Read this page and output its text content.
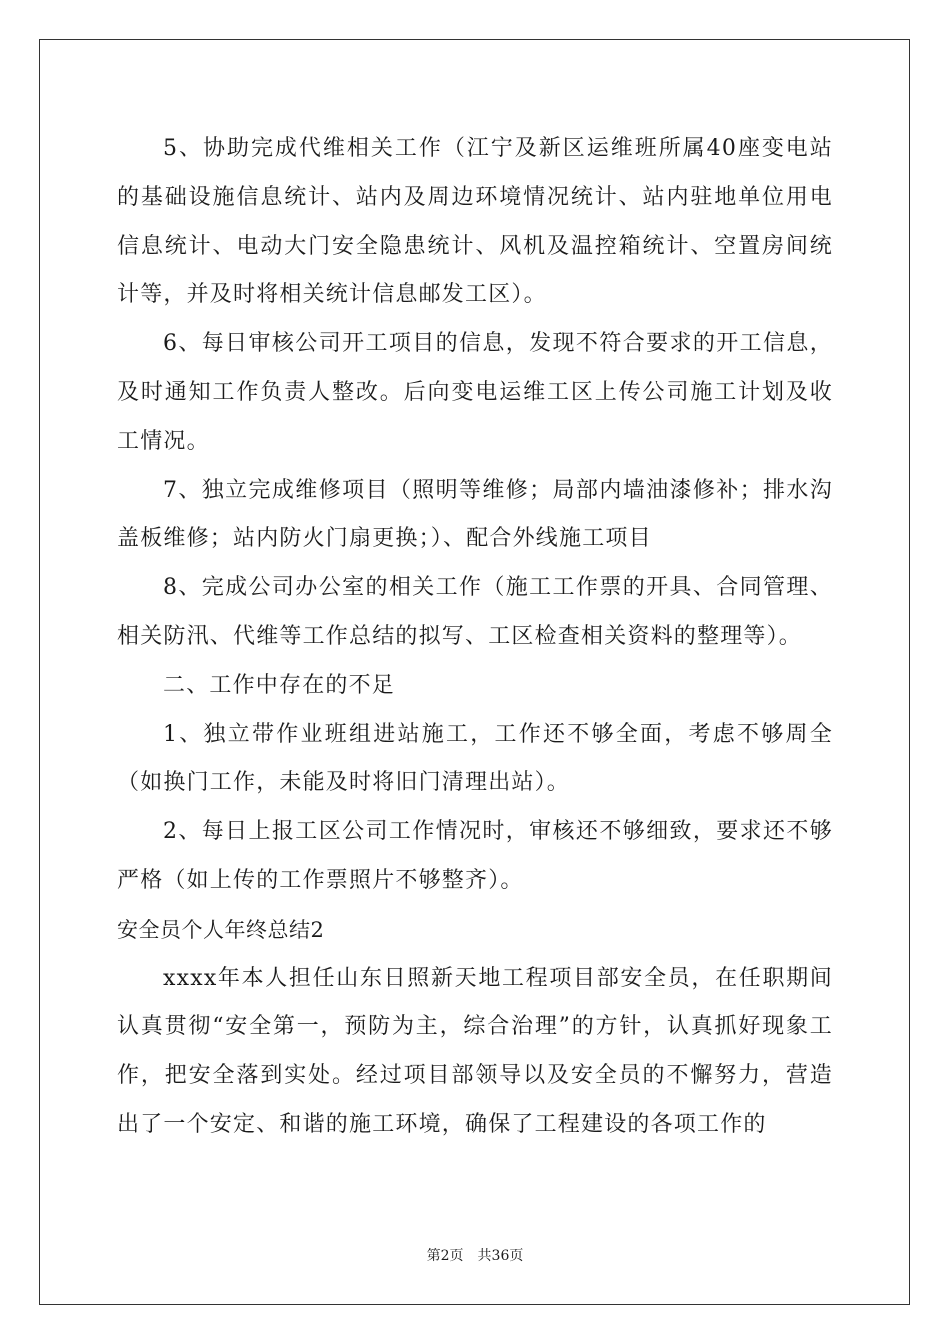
5、协助完成代维相关工作（江宁及新区运维班所属40座变电站的基础设施信息统计、站内及周边环境情况统计、站内驻地单位用电信息统计、电动大门安全隐患统计、风机及温控箱统计、空置房间统计等，并及时将相关统计信息邮发工区）。

6、每日审核公司开工项目的信息，发现不符合要求的开工信息，及时通知工作负责人整改。后向变电运维工区上传公司施工计划及收工情况。

7、独立完成维修项目（照明等维修；局部内墙油漆修补；排水沟盖板维修；站内防火门扇更换；）、配合外线施工项目

8、完成公司办公室的相关工作（施工工作票的开具、合同管理、相关防汛、代维等工作总结的拟写、工区检查相关资料的整理等）。

二、工作中存在的不足

1、独立带作业班组进站施工，工作还不够全面，考虑不够周全（如换门工作，未能及时将旧门清理出站）。

2、每日上报工区公司工作情况时，审核还不够细致，要求还不够严格（如上传的工作票照片不够整齐）。

安全员个人年终总结2

xxxx年本人担任山东日照新天地工程项目部安全员，在任职期间认真贯彻“安全第一，预防为主，综合治理”的方针，认真抓好现象工作，把安全落到实处。经过项目部领导以及安全员的不懈努力，营造出了一个安定、和谐的施工环境，确保了工程建设的各项工作的

第2页　共36页
